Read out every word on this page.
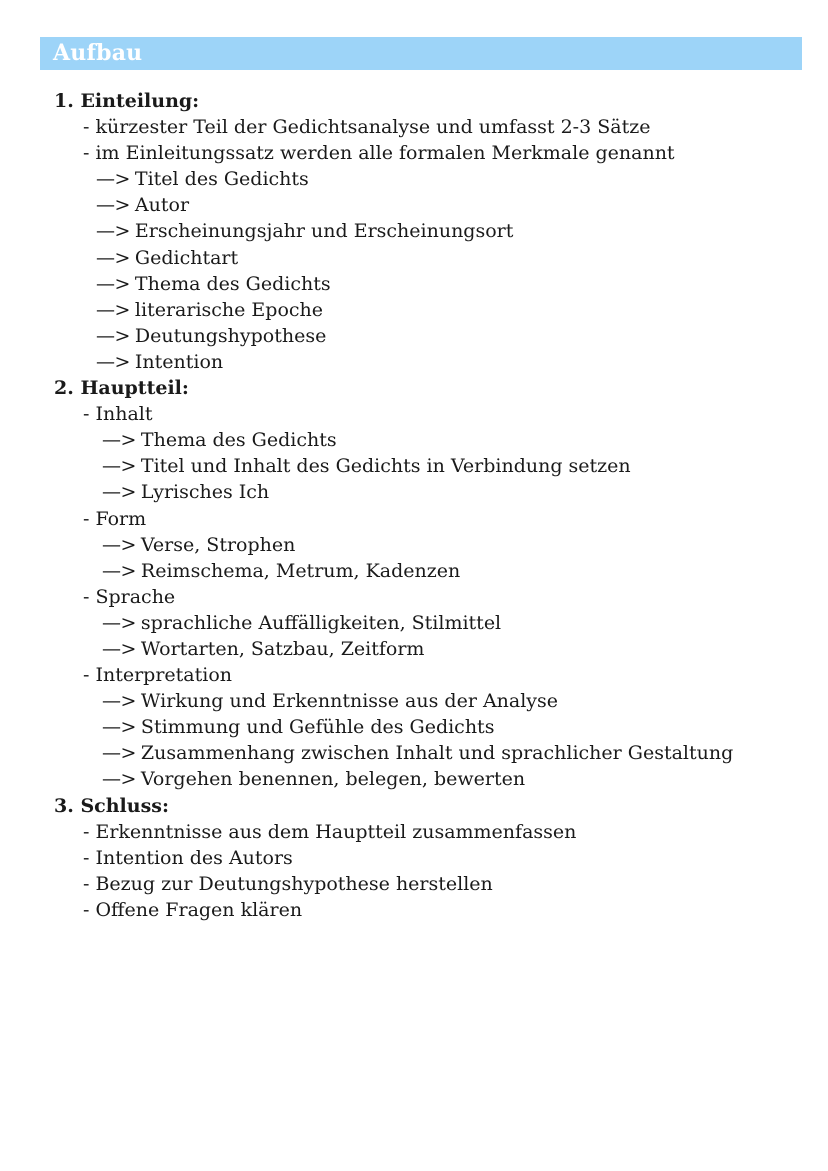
Aufbau
1. Einteilung:
- kürzester Teil der Gedichtsanalyse und umfasst 2-3 Sätze
- im Einleitungssatz werden alle formalen Merkmale genannt
—> Titel des Gedichts
—> Autor
—> Erscheinungsjahr und Erscheinungsort
—> Gedichtart
—> Thema des Gedichts
—> literarische Epoche
—> Deutungshypothese
—> Intention
2. Hauptteil:
- Inhalt
—> Thema des Gedichts
—> Titel und Inhalt des Gedichts in Verbindung setzen
—> Lyrisches Ich
- Form
—> Verse, Strophen
—> Reimschema, Metrum, Kadenzen
- Sprache
—> sprachliche Auffälligkeiten, Stilmittel
—> Wortarten, Satzbau, Zeitform
- Interpretation
—> Wirkung und Erkenntnisse aus der Analyse
—> Stimmung und Gefühle des Gedichts
—> Zusammenhang zwischen Inhalt und sprachlicher Gestaltung
—> Vorgehen benennen, belegen, bewerten
3. Schluss:
- Erkenntnisse aus dem Hauptteil zusammenfassen
- Intention des Autors
- Bezug zur Deutungshypothese herstellen
- Offene Fragen klären
